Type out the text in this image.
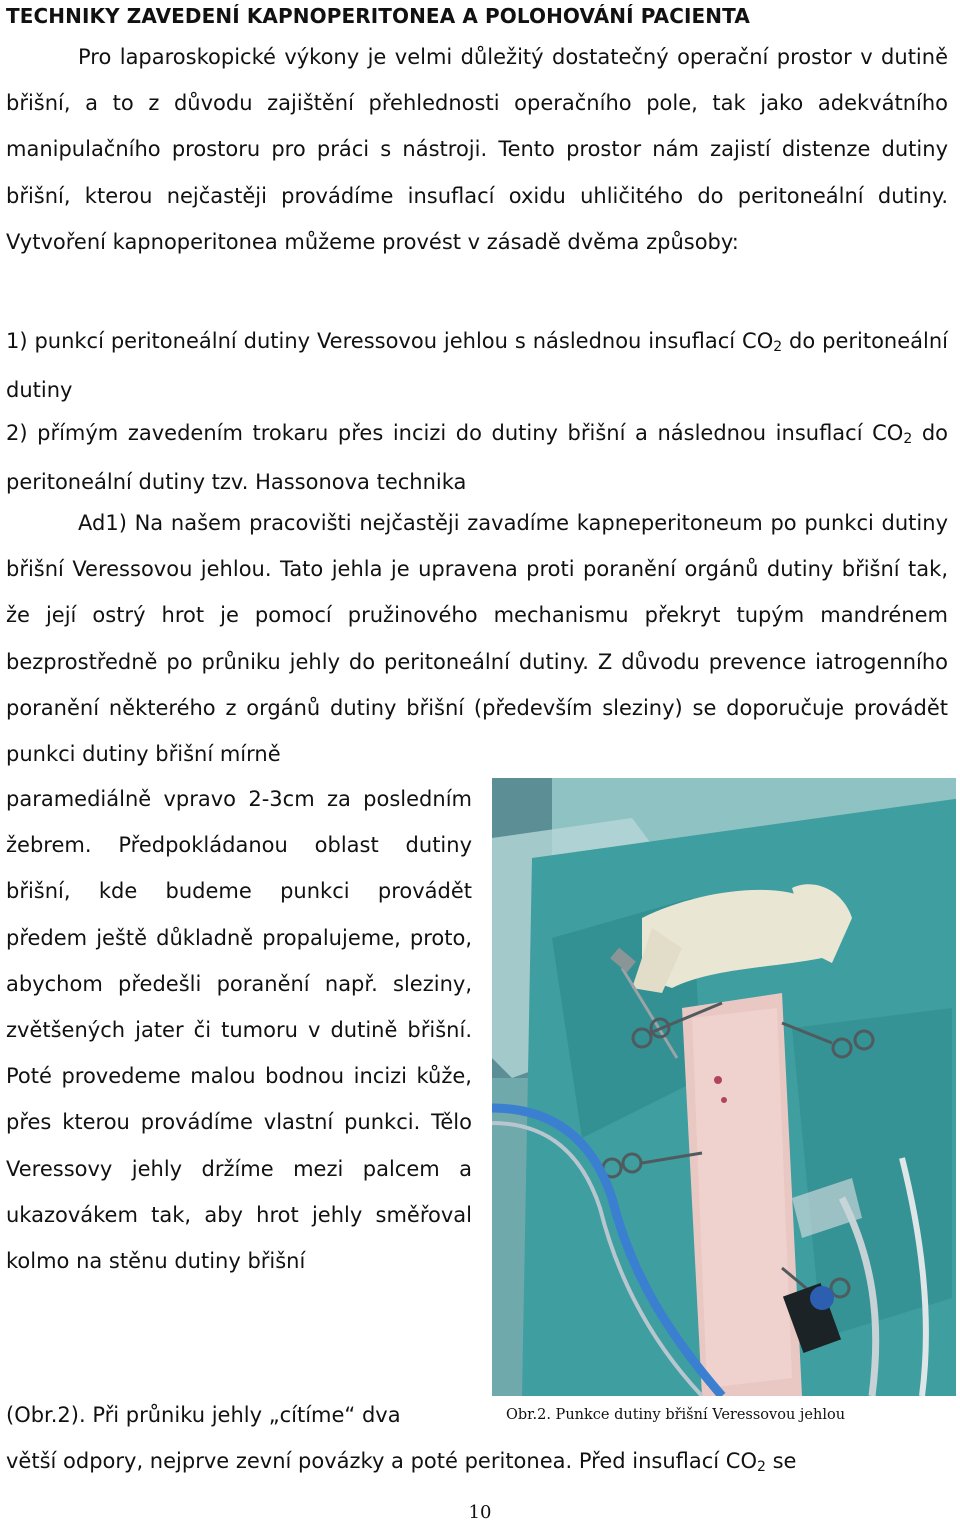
TECHNIKY ZAVEDENÍ KAPNOPERITONEA A POLOHOVÁNÍ PACIENTA
Pro laparoskopické výkony je velmi důležitý dostatečný operační prostor v dutině břišní, a to z důvodu zajištění přehlednosti operačního pole, tak jako adekvátního manipulačního prostoru pro práci s nástroji. Tento prostor nám zajistí distenze dutiny břišní, kterou nejčastěji provádíme insuflací oxidu uhličitého do peritoneální dutiny. Vytvoření kapnoperitonea můžeme provést v zásadě dvěma způsoby:
1) punkcí peritoneální dutiny Veressovou jehlou s následnou insuflací $CO_2$ do peritoneální dutiny
2) přímým zavedením trokaru přes incizi do dutiny břišní a následnou insuflací $CO_2$ do peritoneální dutiny tzv. Hassonova technika
Ad1) Na našem pracovišti nejčastěji zavadíme kapneperitoneum po punkci dutiny břišní Veressovou jehlou. Tato jehla je upravena proti poranění orgánů dutiny břišní tak, že její ostrý hrot je pomocí pružinového mechanismu překryt tupým mandrénem bezprostředně po průniku jehly do peritoneální dutiny. Z důvodu prevence iatrogenního poranění některého z orgánů dutiny břišní (především sleziny) se doporučuje provádět punkci dutiny břišní mírně
paramediálně vpravo 2-3cm za posledním žebrem. Předpokládanou oblast dutiny břišní, kde budeme punkci provádět předem ještě důkladně propalujeme, proto, abychom předešli poranění např. sleziny, zvětšených jater či tumoru v dutině břišní. Poté provedeme malou bodnou incizi kůže, přes kterou provádíme vlastní punkci. Tělo Veressovy jehly držíme mezi palcem a ukazovákem tak, aby hrot jehly směřoval kolmo na stěnu dutiny břišní
(Obr.2). Při průniku jehly „cítíme“ dva
větší odpory, nejprve zevní povázky a poté peritonea. Před insuflací $CO_2$ se
Obr.2. Punkce dutiny břišní Veressovou jehlou
10
